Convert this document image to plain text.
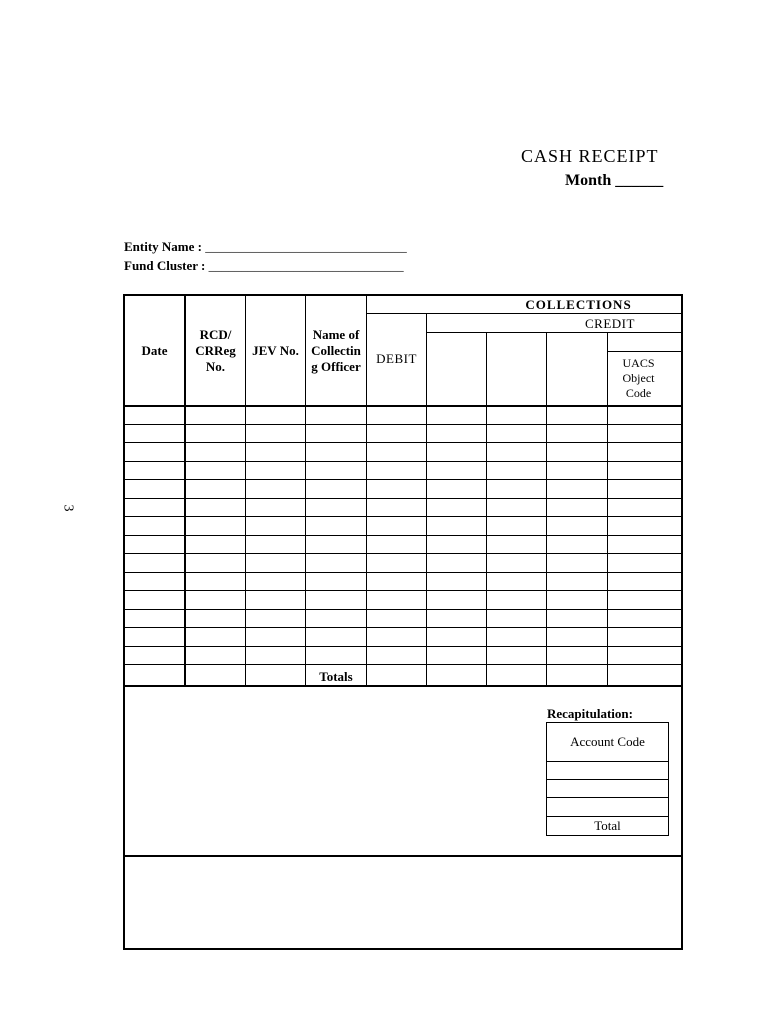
CASH RECEIPT
Month ______
Entity Name : _______________________________
Fund Cluster : ______________________________
3
Date
RCD/ CRReg No.
JEV No.
Name of Collectin g Officer
COLLECTIONS
DEBIT
CREDIT
UACS Object Code
Totals
Recapitulation:
Account Code
Total
